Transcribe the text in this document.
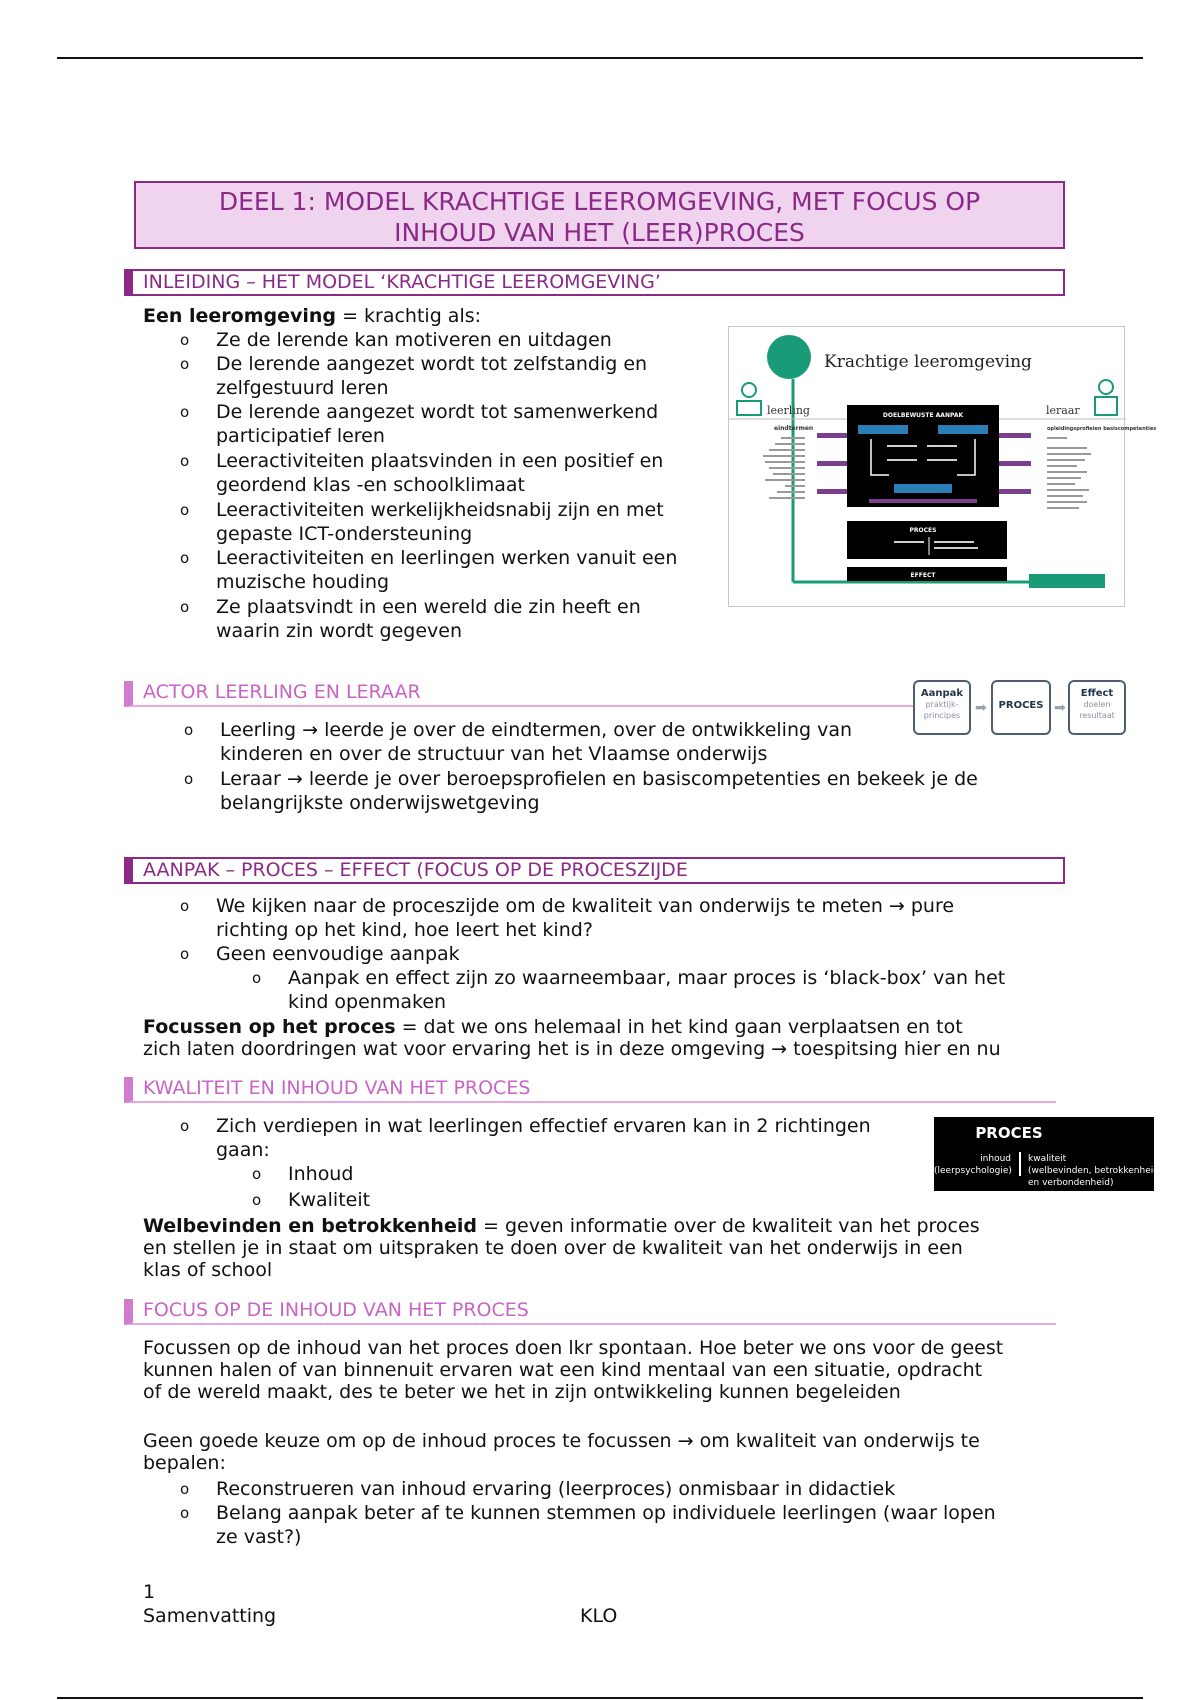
DEEL 1: MODEL KRACHTIGE LEEROMGEVING, MET FOCUS OP
INHOUD VAN HET (LEER)PROCES
INLEIDING – HET MODEL ‘KRACHTIGE LEEROMGEVING’
Een leeromgeving = krachtig als:
o Ze de lerende kan motiveren en uitdagen
o De lerende aangezet wordt tot zelfstandig en
zelfgestuurd leren
o De lerende aangezet wordt tot samenwerkend
participatief leren
o Leeractiviteiten plaatsvinden in een positief en
geordend klas -en schoolklimaat
o Leeractiviteiten werkelijkheidsnabij zijn en met
gepaste ICT-ondersteuning
o Leeractiviteiten en leerlingen werken vanuit een
muzische houding
o Ze plaatsvindt in een wereld die zin heeft en
waarin zin wordt gegeven
Krachtige leeromgeving
leerling	leraar
eindtermen	opleidingsprofielen basiscompetenties
DOELBEWUSTE AANPAK
PROCES
EFFECT
ACTOR LEERLING EN LERAAR	Aanpak
praktijk-
principes	➡	PROCES ➡
Effect
doelen
resultaat
o Leerling → leerde je over de eindtermen, over de ontwikkeling van
kinderen en over de structuur van het Vlaamse onderwijs
o Leraar → leerde je over beroepsprofielen en basiscompetenties en bekeek je de
belangrijkste onderwijswetgeving
AANPAK – PROCES – EFFECT (FOCUS OP DE PROCESZIJDE
o We kijken naar de proceszijde om de kwaliteit van onderwijs te meten → pure
richting op het kind, hoe leert het kind?
o Geen eenvoudige aanpak
o Aanpak en effect zijn zo waarneembaar, maar proces is ‘black-box’ van het
kind openmaken
Focussen op het proces = dat we ons helemaal in het kind gaan verplaatsen en tot
zich laten doordringen wat voor ervaring het is in deze omgeving → toespitsing hier en nu
KWALITEIT EN INHOUD VAN HET PROCES
o Zich verdiepen in wat leerlingen effectief ervaren kan in 2 richtingen
gaan:
o Inhoud
o Kwaliteit
PROCES
inhoud
(leerpsychologie)
kwaliteit
(welbevinden, betrokkenheid
en verbondenheid)
Welbevinden en betrokkenheid = geven informatie over de kwaliteit van het proces
en stellen je in staat om uitspraken te doen over de kwaliteit van het onderwijs in een
klas of school
FOCUS OP DE INHOUD VAN HET PROCES
Focussen op de inhoud van het proces doen lkr spontaan. Hoe beter we ons voor de geest
kunnen halen of van binnenuit ervaren wat een kind mentaal van een situatie, opdracht
of de wereld maakt, des te beter we het in zijn ontwikkeling kunnen begeleiden
Geen goede keuze om op de inhoud proces te focussen → om kwaliteit van onderwijs te
bepalen:
o Reconstrueren van inhoud ervaring (leerproces) onmisbaar in didactiek
o Belang aanpak beter af te kunnen stemmen op individuele leerlingen (waar lopen
ze vast?)
1
Samenvatting	KLO
